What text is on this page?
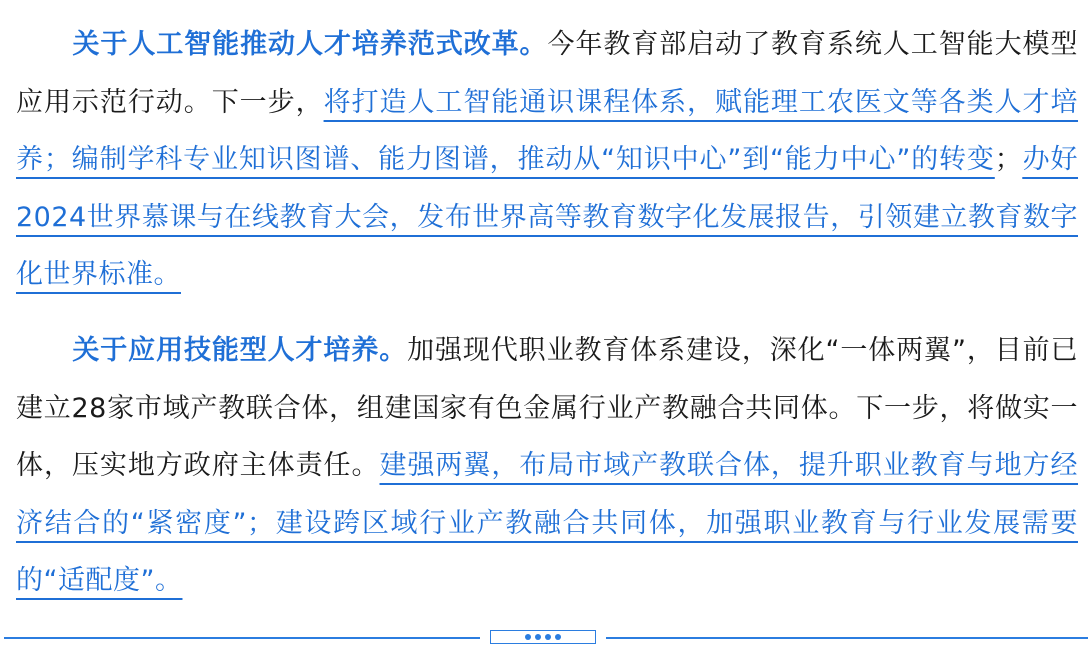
关于人工智能推动人才培养范式改革。今年教育部启动了教育系统人工智能大模型应用示范行动。下一步，将打造人工智能通识课程体系，赋能理工农医文等各类人才培养；编制学科专业知识图谱、能力图谱，推动从“知识中心”到“能力中心”的转变；办好2024世界慕课与在线教育大会，发布世界高等教育数字化发展报告，引领建立教育数字化世界标准。

关于应用技能型人才培养。加强现代职业教育体系建设，深化“一体两翼”，目前已建立28家市域产教联合体，组建国家有色金属行业产教融合共同体。下一步，将做实一体，压实地方政府主体责任。建强两翼，布局市域产教联合体，提升职业教育与地方经济结合的“紧密度”；建设跨区域行业产教融合共同体，加强职业教育与行业发展需要的“适配度”。
